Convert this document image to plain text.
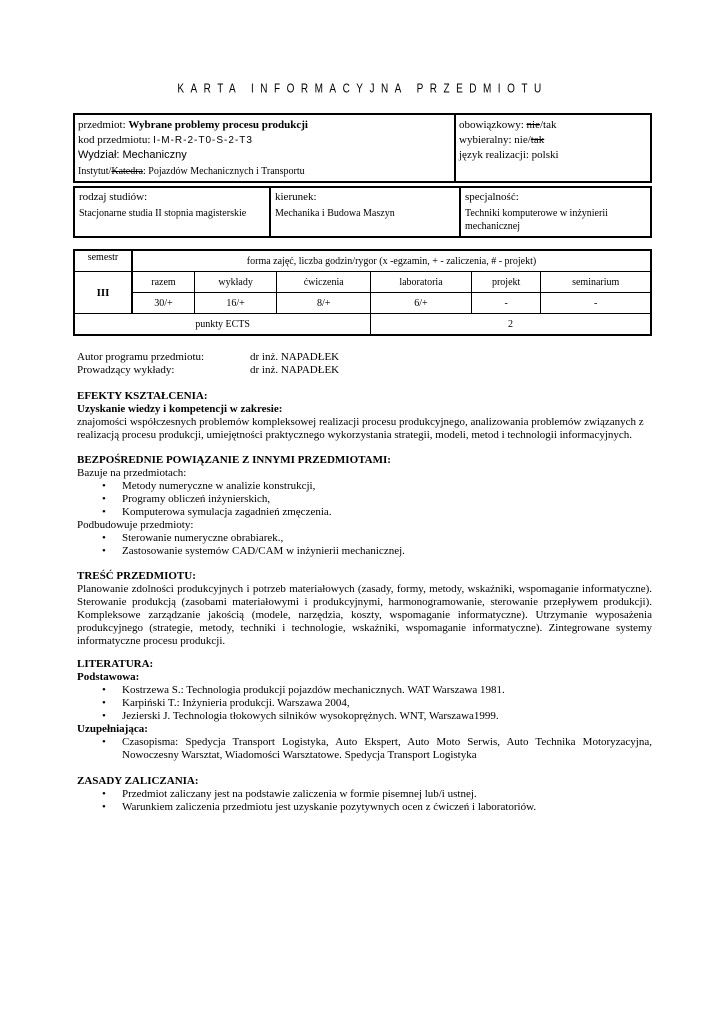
KARTA INFORMACYJNA PRZEDMIOTU
przedmiot: Wybrane problemy procesu produkcji
kod przedmiotu: I-M-R-2-T0-S-2-T3
Wydział: Mechaniczny
Instytut/Katedra: Pojazdów Mechanicznych i Transportu

obowiązkowy: nie/tak
wybieralny: nie/tak
język realizacji: polski
rodzaj studiów:
Stacjonarne studia II stopnia magisterskie

kierunek:
Mechanika i Budowa Maszyn

specjalność:
Techniki komputerowe w inżynierii mechanicznej
semestr	forma zajęć, liczba godzin/rygor (x -egzamin, + - zaliczenia, # - projekt)					
III	razem	wykłady	ćwiczenia	laboratoria	projekt	seminarium
	30/+	16/+	8/+	6/+	-	-
punkty ECTS				2		
Autor programu przedmiotu:	dr inż. NAPADŁEK
Prowadzący wykłady:	dr inż. NAPADŁEK
EFEKTY KSZTAŁCENIA:
Uzyskanie wiedzy i kompetencji w zakresie:

znajomości współczesnych problemów kompleksowej realizacji procesu produkcyjnego, analizowania problemów związanych z realizacją procesu produkcji, umiejętności praktycznego wykorzystania strategii, modeli, metod i technologii informacyjnych.

BEZPOŚREDNIE POWIĄZANIE Z INNYMI PRZEDMIOTAMI:
Bazuje na przedmiotach:
• Metody numeryczne w analizie konstrukcji,
• Programy obliczeń inżynierskich,
• Komputerowa symulacja zagadnień zmęczenia.
Podbudowuje przedmioty:
• Sterowanie numeryczne obrabiarek.,
• Zastosowanie systemów CAD/CAM w inżynierii mechanicznej.
TREŚĆ PRZEDMIOTU:

Planowanie zdolności produkcyjnych i potrzeb materiałowych (zasady, formy, metody, wskaźniki, wspomaganie informatyczne). Sterowanie produkcją (zasobami materiałowymi i produkcyjnymi, harmonogramowanie, sterowanie przepływem produkcji). Kompleksowe zarządzanie jakością (modele, narzędzia, koszty, wspomaganie informatyczne). Utrzymanie wyposażenia produkcyjnego (strategie, metody, techniki i technologie, wskaźniki, wspomaganie informatyczne). Zintegrowane systemy informatyczne procesu produkcji.

LITERATURA:
Podstawowa:
• Kostrzewa S.: Technologia produkcji pojazdów mechanicznych. WAT Warszawa 1981.
• Karpiński T.: Inżynieria produkcji. Warszawa 2004,
• Jezierski J. Technologia tłokowych silników wysokoprężnych. WNT, Warszawa1999.
Uzupełniająca:
• Czasopisma: Spedycja Transport Logistyka, Auto Ekspert, Auto Moto Serwis, Auto Technika Motoryzacyjna, Nowoczesny Warsztat, Wiadomości Warsztatowe. Spedycja Transport Logistyka
ZASADY ZALICZANIA:
• Przedmiot zaliczany jest na podstawie zaliczenia w formie pisemnej lub/i ustnej.
• Warunkiem zaliczenia przedmiotu jest uzyskanie pozytywnych ocen z ćwiczeń i laboratoriów.
